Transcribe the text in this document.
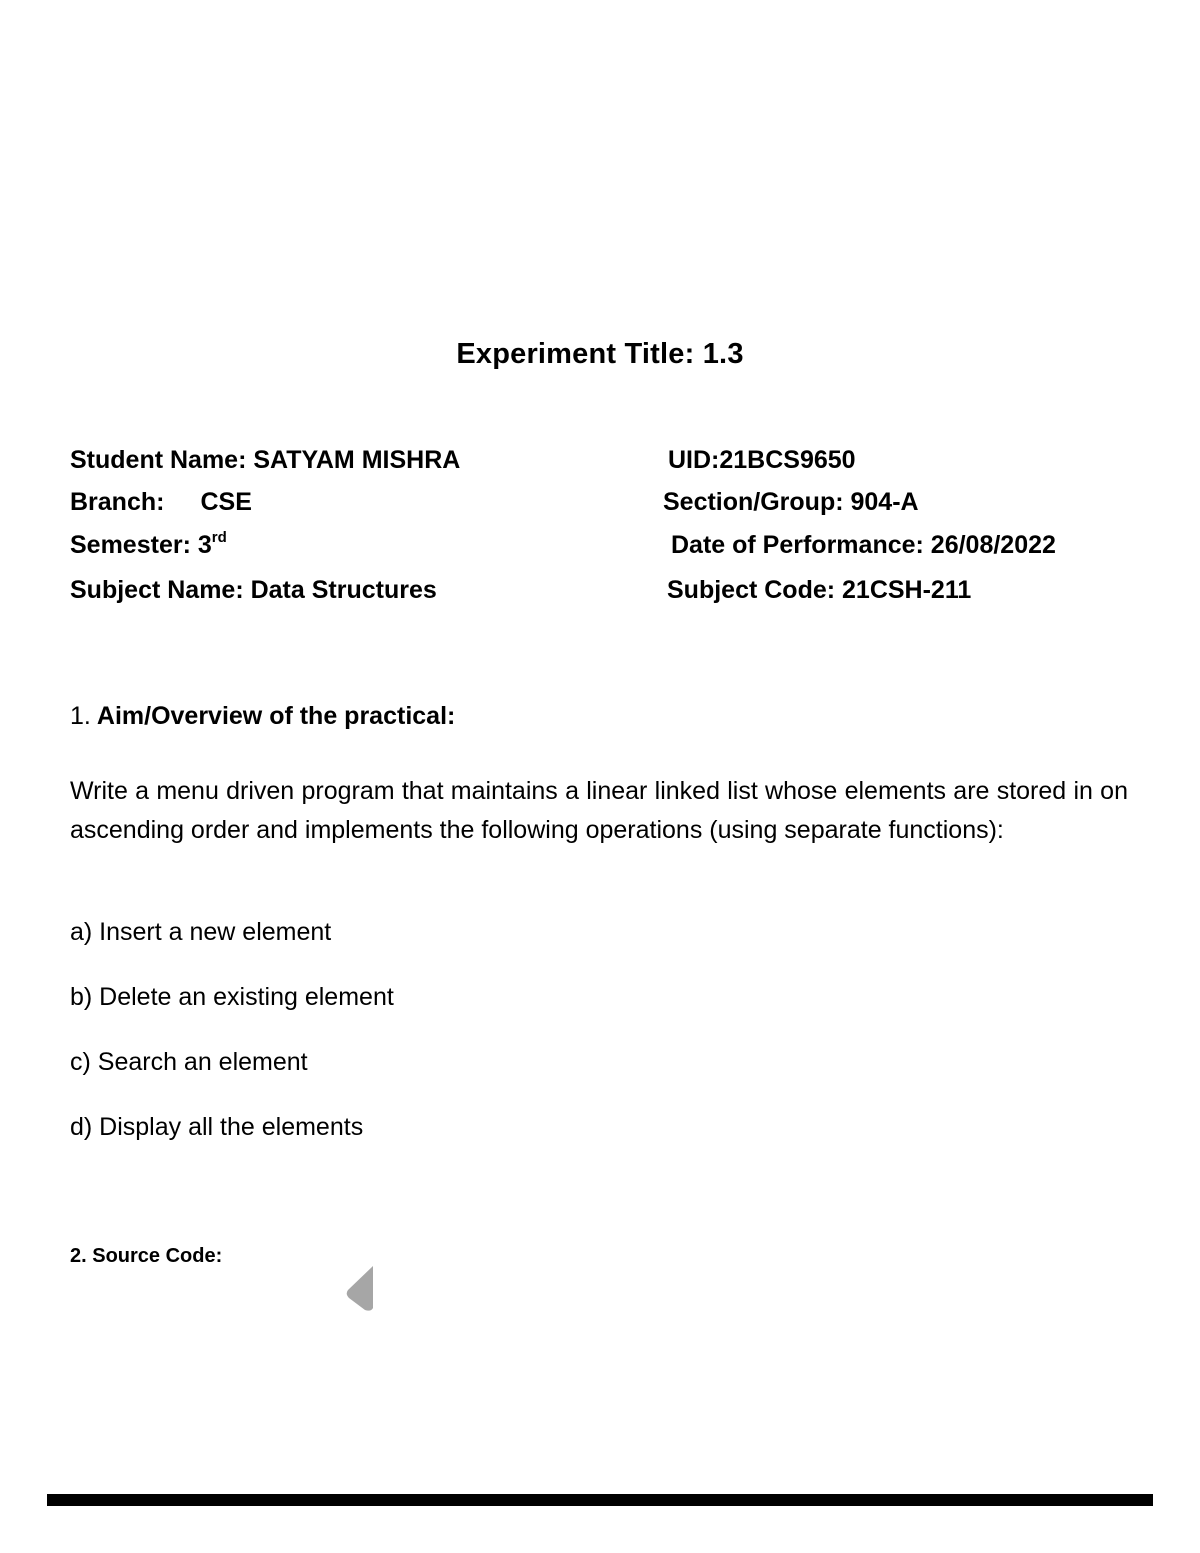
Experiment Title: 1.3
Student Name: SATYAM MISHRA	UID:21BCS9650
Branch: CSE	Section/Group: 904-A
Semester: 3rd	Date of Performance: 26/08/2022
Subject Name: Data Structures	Subject Code: 21CSH-211
1. Aim/Overview of the practical:
Write a menu driven program that maintains a linear linked list whose elements are stored in on ascending order and implements the following operations (using separate functions):
a) Insert a new element
b) Delete an existing element
c) Search an element
d) Display all the elements
2. Source Code:
